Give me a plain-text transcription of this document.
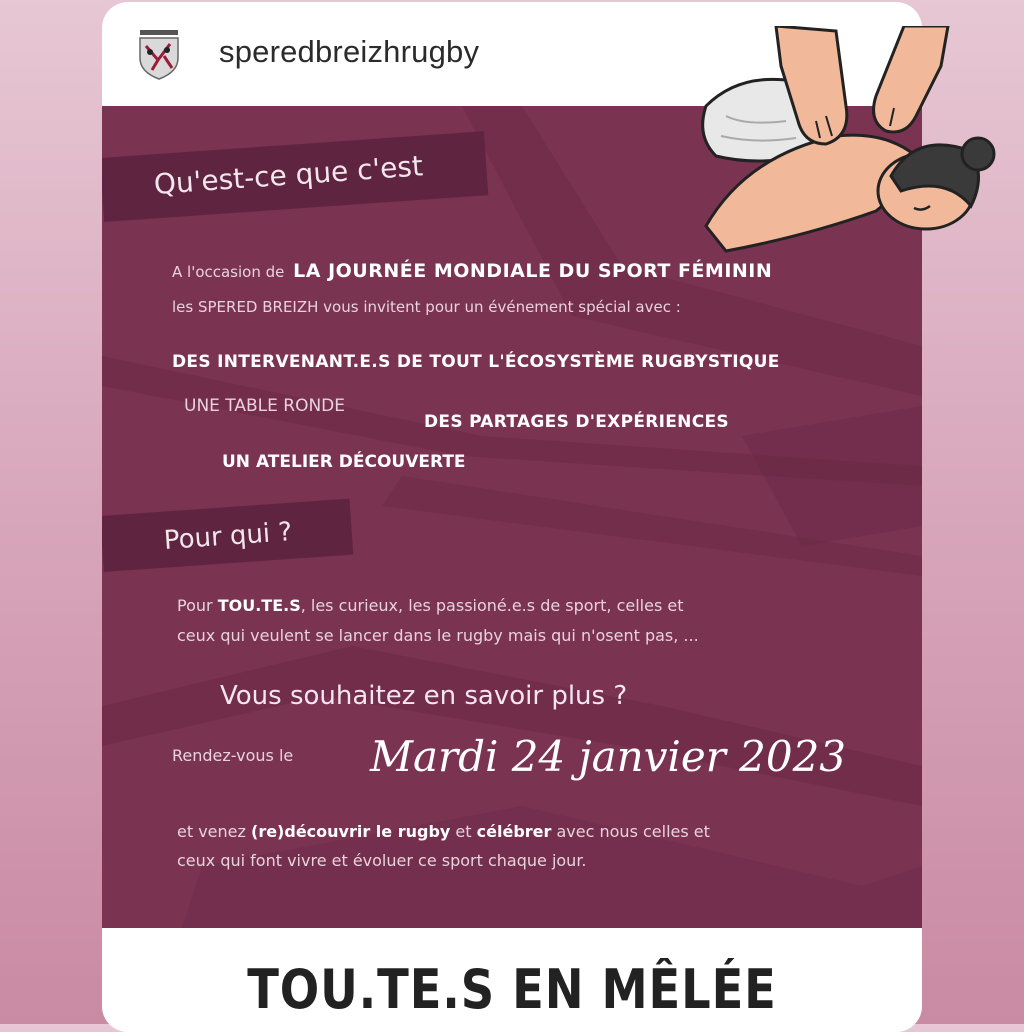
speredbreizhrugby
Qu'est-ce que c'est
A l'occasion de LA JOURNÉE MONDIALE DU SPORT FÉMININ
les SPERED BREIZH vous invitent pour un événement spécial avec :
DES INTERVENANT.E.S DE TOUT L'ÉCOSYSTÈME RUGBYSTIQUE
UNE TABLE RONDE
DES PARTAGES D'EXPÉRIENCES
UN ATELIER DÉCOUVERTE
Pour qui ?
Pour TOU.TE.S, les curieux, les passioné.e.s de sport, celles et
ceux qui veulent se lancer dans le rugby mais qui n'osent pas, ...
Vous souhaitez en savoir plus ?
Rendez-vous le Mardi 24 janvier 2023
et venez (re)découvrir le rugby et célébrer avec nous celles et
ceux qui font vivre et évoluer ce sport chaque jour.
TOU.TE.S EN MÊLÉE
